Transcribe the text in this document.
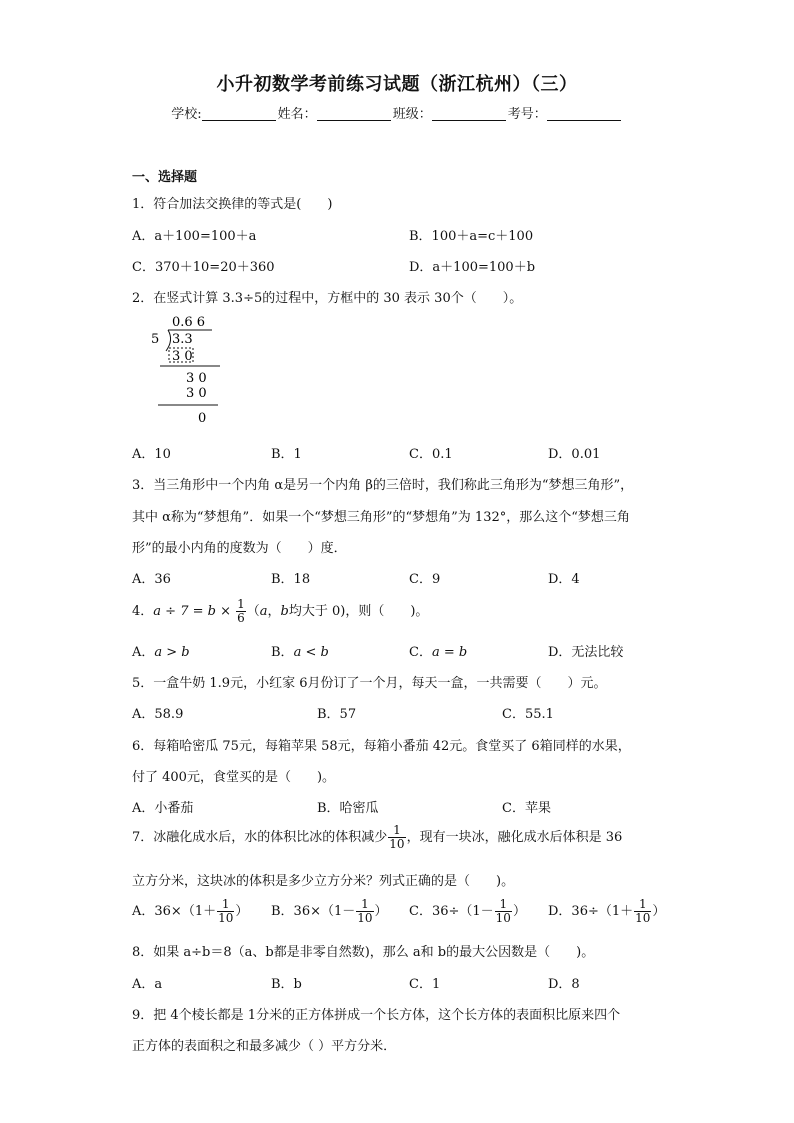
小升初数学考前练习试题（浙江杭州）（三）
学校:	姓名：	班级：	考号：
一、选择题
1．符合加法交换律的等式是(　　)
A．a＋100=100＋a	B．100＋a=c＋100
C．370＋10=20＋360	D．a＋100=100＋b
2．在竖式计算 3.3÷5的过程中，方框中的 30 表示 30个（　　）。
5
0.6 6
3.3
3 0
3 0
3 0
0
A．10	B．1	C．0.1	D．0.01
3．当三角形中一个内角 α是另一个内角 β的三倍时，我们称此三角形为“梦想三角形”，
其中 α称为“梦想角”．如果一个“梦想三角形”的“梦想角”为 132°，那么这个“梦想三角
形”的最小内角的度数为（　　）度．
A．36	B．18	C．9	D．4
4．$a \div 7 = b \times \frac{1}{6} (a$，b均大于 0)，则（　　)。
A．a > b	B．a < b	C．a = b	D．无法比较
5．一盒牛奶 1.9元，小红家 6月份订了一个月，每天一盒，一共需要（　　）元。
A．58.9	B．57	C．55.1
6．每箱哈密瓜 75元，每箱苹果 58元，每箱小番茄 42元。食堂买了 6箱同样的水果，
付了 400元，食堂买的是（　　)。
A．小番茄	B．哈密瓜	C．苹果
7．冰融化成水后，水的体积比冰的体积减少 $\frac{1}{10}$ ，现有一块冰，融化成水后体积是 36
立方分米，这块冰的体积是多少立方分米？列式正确的是（　　)。
A．$36\times(1+ \frac{1}{10}$ ） B．$36\times(1- \frac{1}{10}$ ） C．$36\div(1- \frac{1}{10}$ ） D．$36\div(1+ \frac{1}{10}$ ）
8．如果 a÷b＝8（a、b都是非零自然数)，那么 a和 b的最大公因数是（　　)。
A．a	B．b	C．1	D．8
9．把 4个棱长都是 1分米的正方体拼成一个长方体，这个长方体的表面积比原来四个
正方体的表面积之和最多减少（ ）平方分米．
